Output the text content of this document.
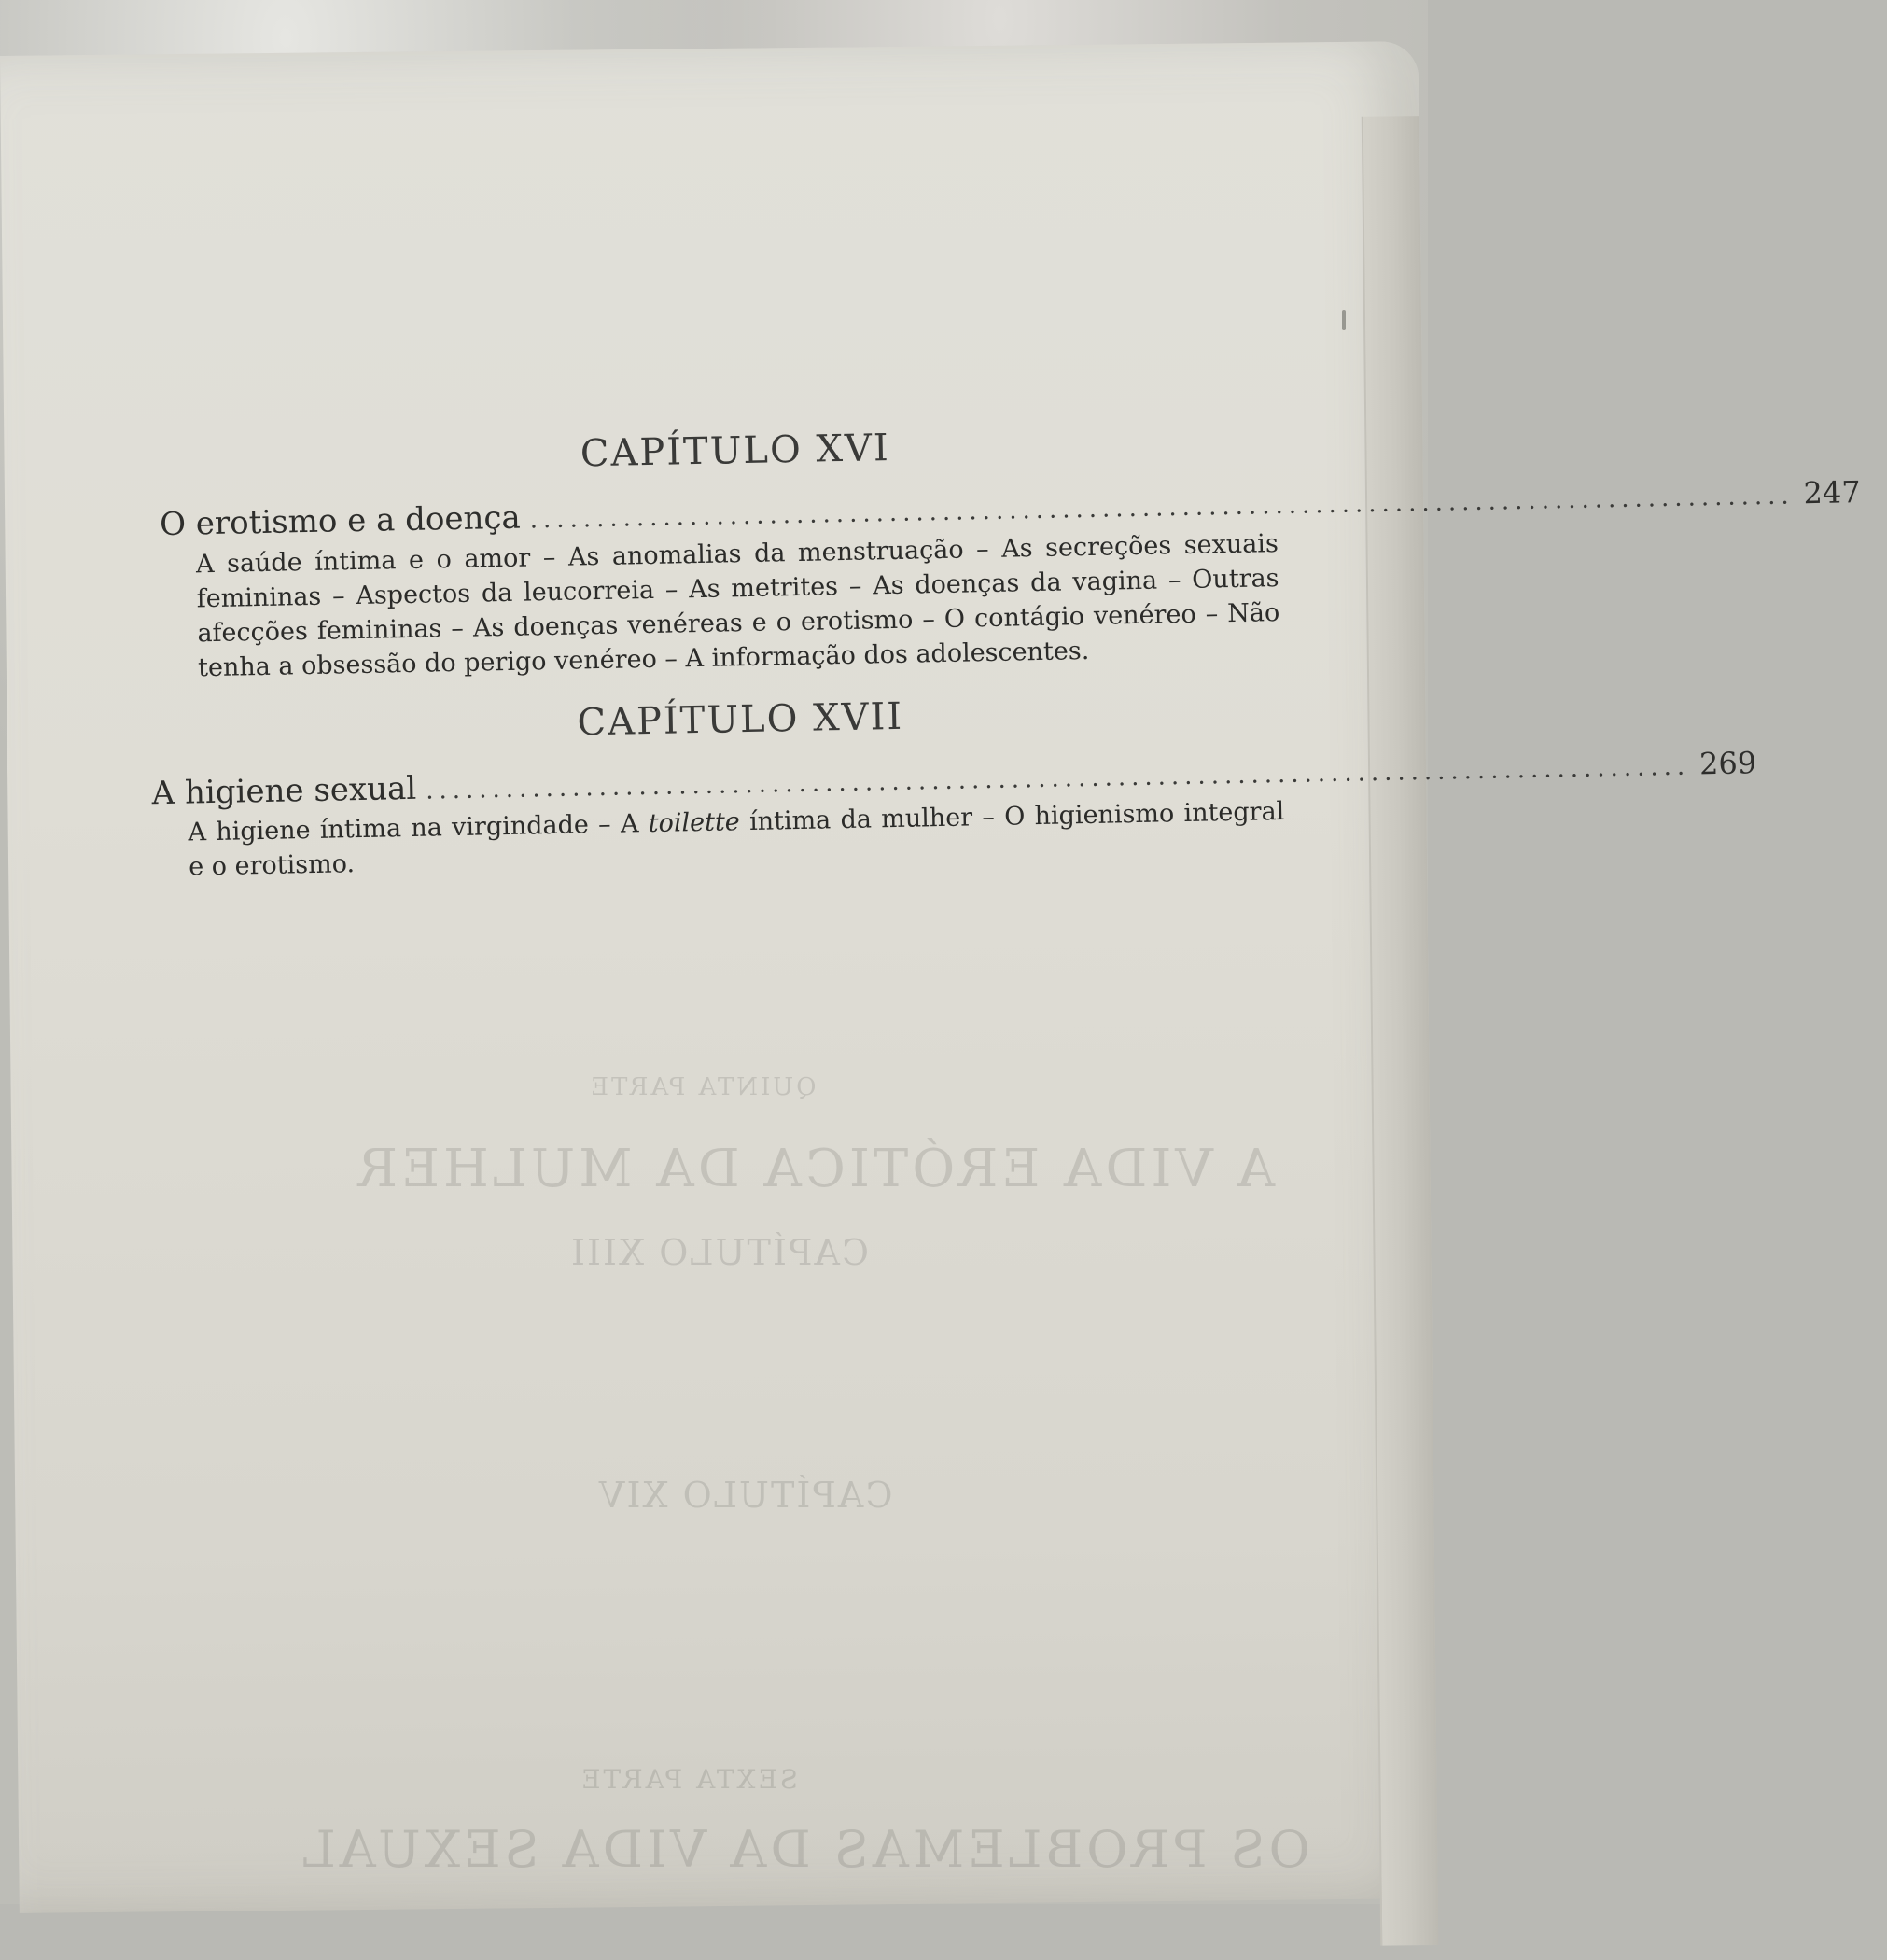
A VIDA ERÓTICA DA MULHER
QUINTA PARTE
CAPÍTULO XIII
CAPÍTULO XIV
SEXTA PARTE
OS PROBLEMAS DA VIDA SEXUAL
CAPÍTULO XVI
O erotismo e a doença ............................................................................................... 247
A saúde íntima e o amor – As anomalias da menstruação – As secreções sexuais femininas – Aspectos da leucorreia – As metrites – As doenças da vagina – Outras afecções femininas – As doenças venéreas e o erotismo – O contágio venéreo – Não tenha a obsessão do perigo venéreo – A informação dos adolescentes.
CAPÍTULO XVII
A higiene sexual ............................................................................................... 269
A higiene íntima na virgindade – A toilette íntima da mulher – O higienismo integral e o erotismo.
